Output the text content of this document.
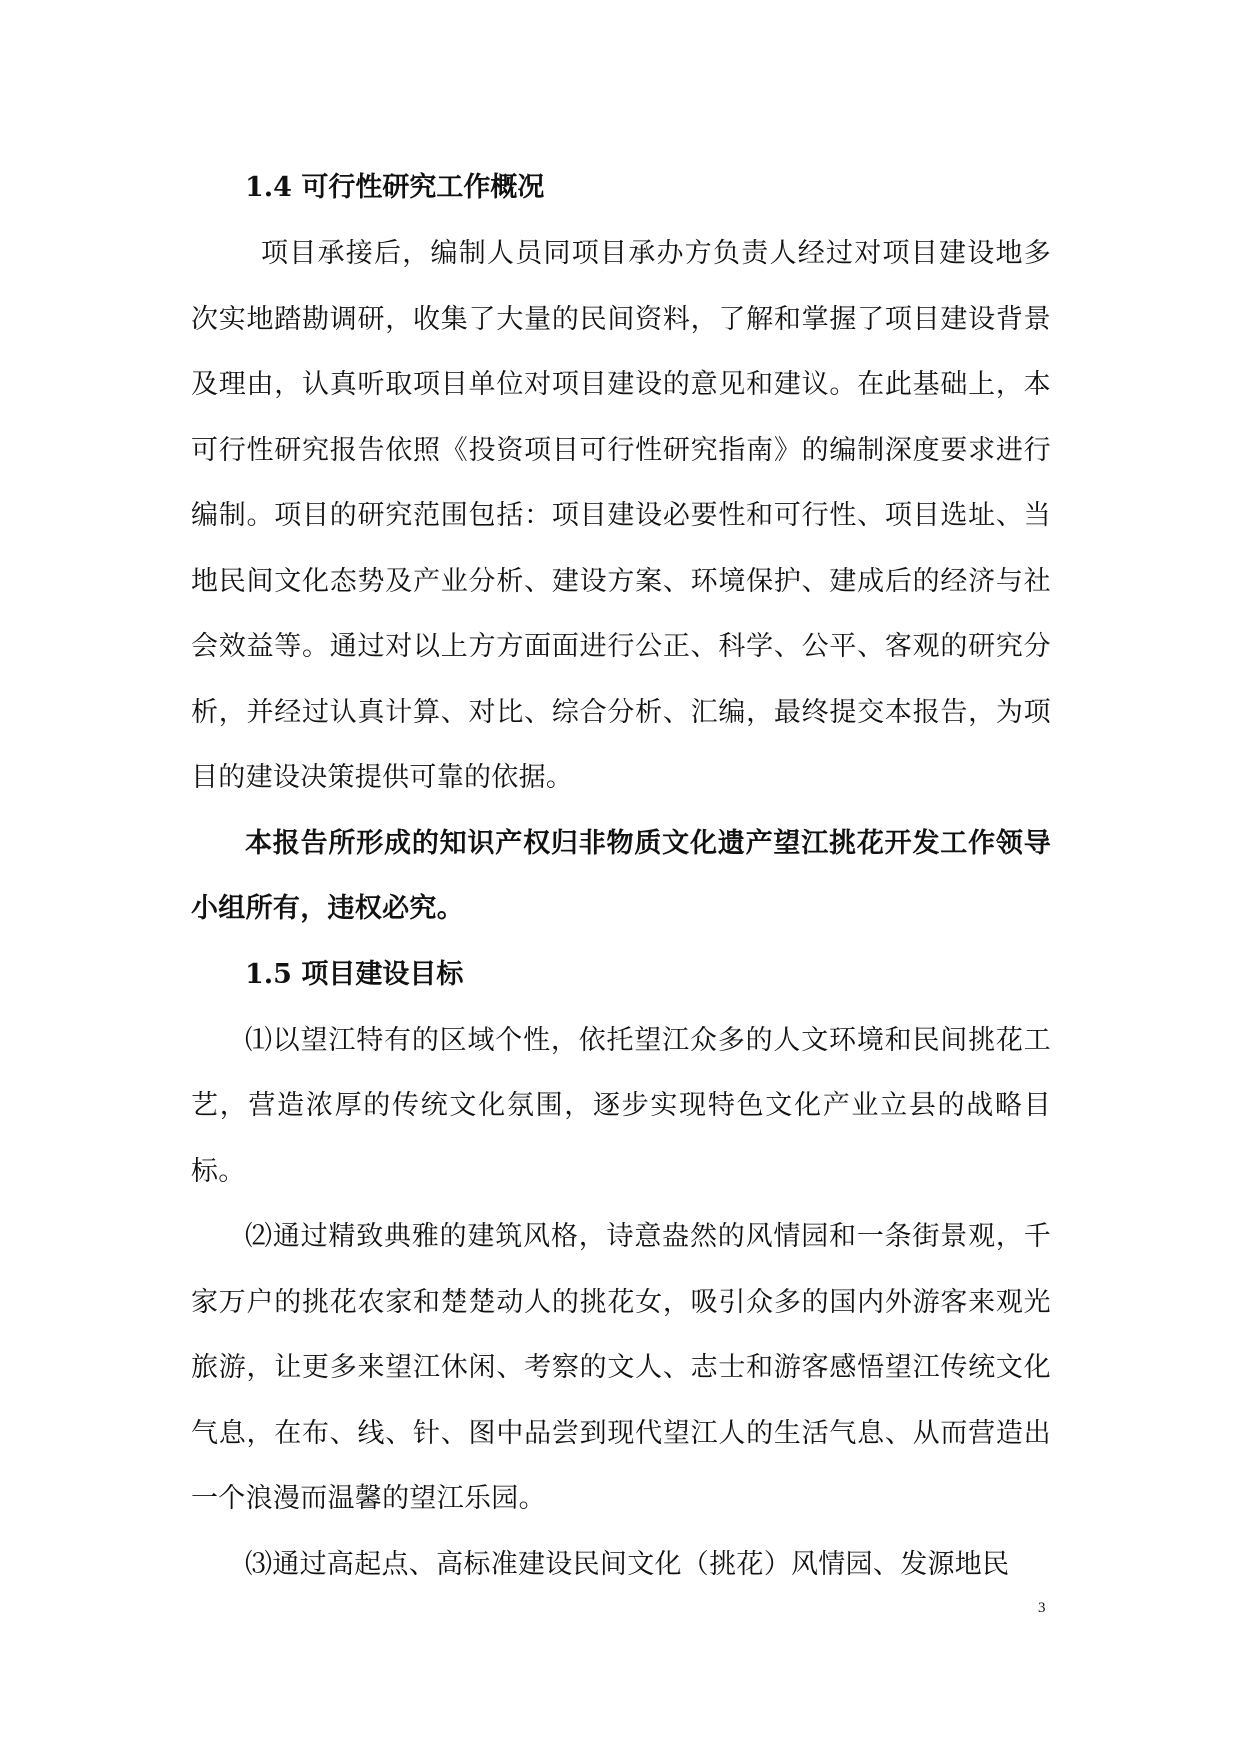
1.4 可行性研究工作概况

项目承接后，编制人员同项目承办方负责人经过对项目建设地多次实地踏勘调研，收集了大量的民间资料，了解和掌握了项目建设背景及理由，认真听取项目单位对项目建设的意见和建议。在此基础上，本可行性研究报告依照《投资项目可行性研究指南》的编制深度要求进行编制。项目的研究范围包括：项目建设必要性和可行性、项目选址、当地民间文化态势及产业分析、建设方案、环境保护、建成后的经济与社会效益等。通过对以上方方面面进行公正、科学、公平、客观的研究分析，并经过认真计算、对比、综合分析、汇编，最终提交本报告，为项目的建设决策提供可靠的依据。

本报告所形成的知识产权归非物质文化遗产望江挑花开发工作领导小组所有，违权必究。

1.5 项目建设目标

⑴以望江特有的区域个性，依托望江众多的人文环境和民间挑花工艺，营造浓厚的传统文化氛围，逐步实现特色文化产业立县的战略目标。

⑵通过精致典雅的建筑风格，诗意盎然的风情园和一条街景观，千家万户的挑花农家和楚楚动人的挑花女，吸引众多的国内外游客来观光旅游，让更多来望江休闲、考察的文人、志士和游客感悟望江传统文化气息，在布、线、针、图中品尝到现代望江人的生活气息、从而营造出一个浪漫而温馨的望江乐园。

⑶通过高起点、高标准建设民间文化（挑花）风情园、发源地民

3
